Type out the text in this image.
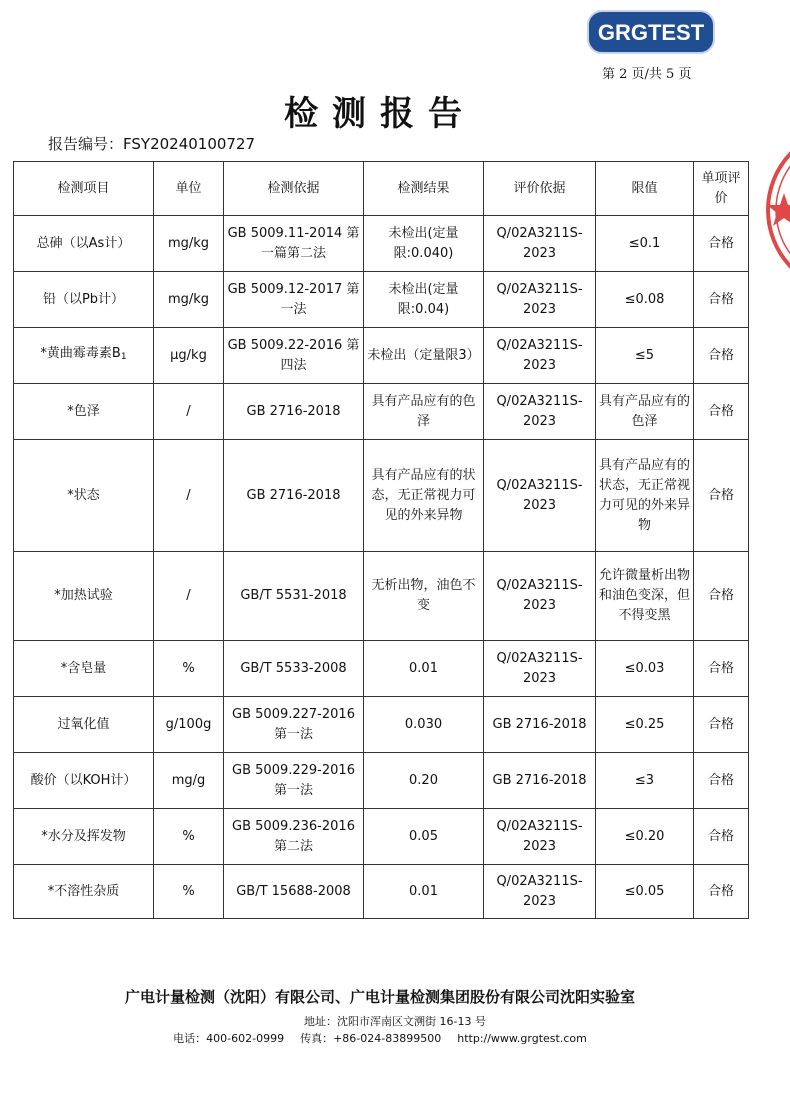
GRGTEST
第 2 页/共 5 页
检测报告
报告编号：FSY20240100727
检测项目	单位	检测依据	检测结果	评价依据	限值	单项评价
总砷（以As计）	mg/kg	GB 5009.11-2014 第一篇第二法	未检出(定量限:0.040)	Q/02A3211S-2023	≤0.1	合格
铅（以Pb计）	mg/kg	GB 5009.12-2017 第一法	未检出(定量限:0.04)	Q/02A3211S-2023	≤0.08	合格
*黄曲霉毒素$B_1$	μg/kg	GB 5009.22-2016 第四法	未检出（定量限3）	Q/02A3211S-2023	≤5	合格
*色泽	/	GB 2716-2018	具有产品应有的色泽	Q/02A3211S-2023	具有产品应有的色泽	合格
*状态	/	GB 2716-2018	具有产品应有的状态，无正常视力可见的外来异物	Q/02A3211S-2023	具有产品应有的状态，无正常视力可见的外来异物	合格
*加热试验	/	GB/T 5531-2018	无析出物，油色不变	Q/02A3211S-2023	允许微量析出物和油色变深，但不得变黑	合格
*含皂量	%	GB/T 5533-2008	0.01	Q/02A3211S-2023	≤0.03	合格
过氧化值	g/100g	GB 5009.227-2016 第一法	0.030	GB 2716-2018	≤0.25	合格
酸价（以KOH计）	mg/g	GB 5009.229-2016 第一法	0.20	GB 2716-2018	≤3	合格
*水分及挥发物	%	GB 5009.236-2016 第二法	0.05	Q/02A3211S-2023	≤0.20	合格
*不溶性杂质	%	GB/T 15688-2008	0.01	Q/02A3211S-2023	≤0.05	合格
广电计量检测（沈阳）有限公司、广电计量检测集团股份有限公司沈阳实验室
地址：沈阳市浑南区文溯街 16-13 号
电话：400-602-0999 传真：+86-024-83899500 http://www.grgtest.com
